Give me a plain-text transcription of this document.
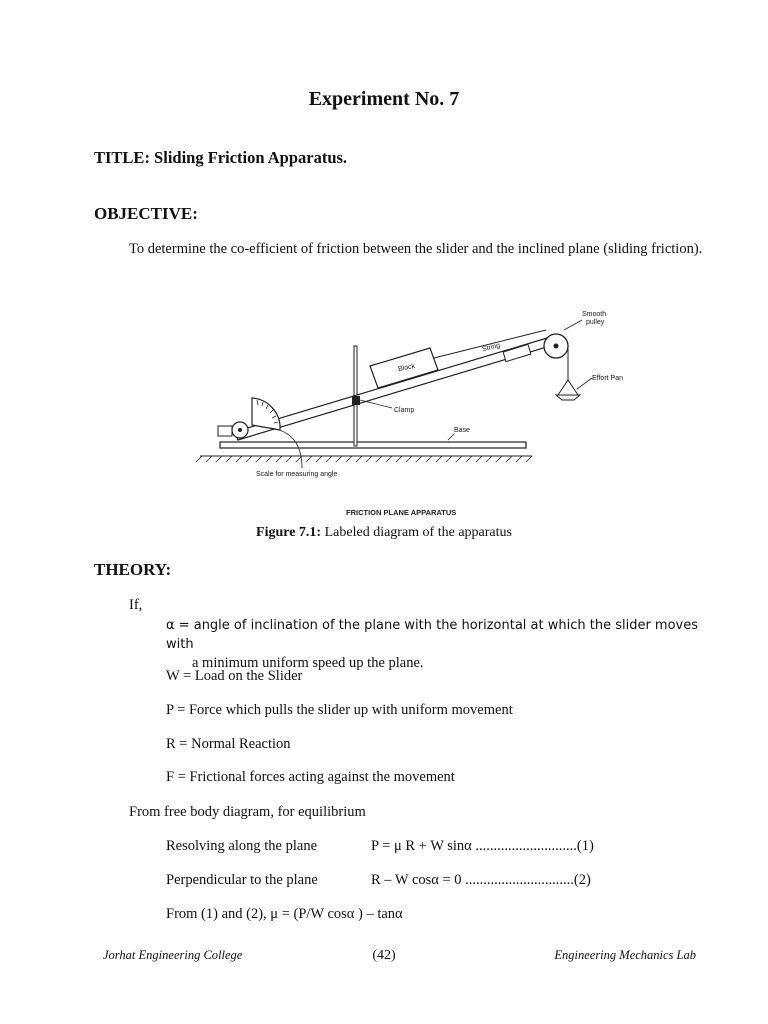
Experiment No. 7
TITLE: Sliding Friction Apparatus.
OBJECTIVE:
To determine the co-efficient of friction between the slider and the inclined plane (sliding friction).
Smooth
pulley
String
Block
Effort Pan
Clamp
Base
Scale for measuring angle
FRICTION PLANE APPARATUS
Figure 7.1: Labeled diagram of the apparatus
THEORY:
If,
α = angle of inclination of the plane with the horizontal at which the slider moves with
a minimum uniform speed up the plane.
W = Load on the Slider
P = Force which pulls the slider up with uniform movement
R = Normal Reaction
F = Frictional forces acting against the movement
From free body diagram, for equilibrium
Resolving along the plane	P = μ R + W sinα ............................(1)
Perpendicular to the plane	R – W cosα = 0 ..............................(2)
From (1) and (2), μ = (P/W cosα ) – tanα
Jorhat Engineering College	(42)	Engineering Mechanics Lab
